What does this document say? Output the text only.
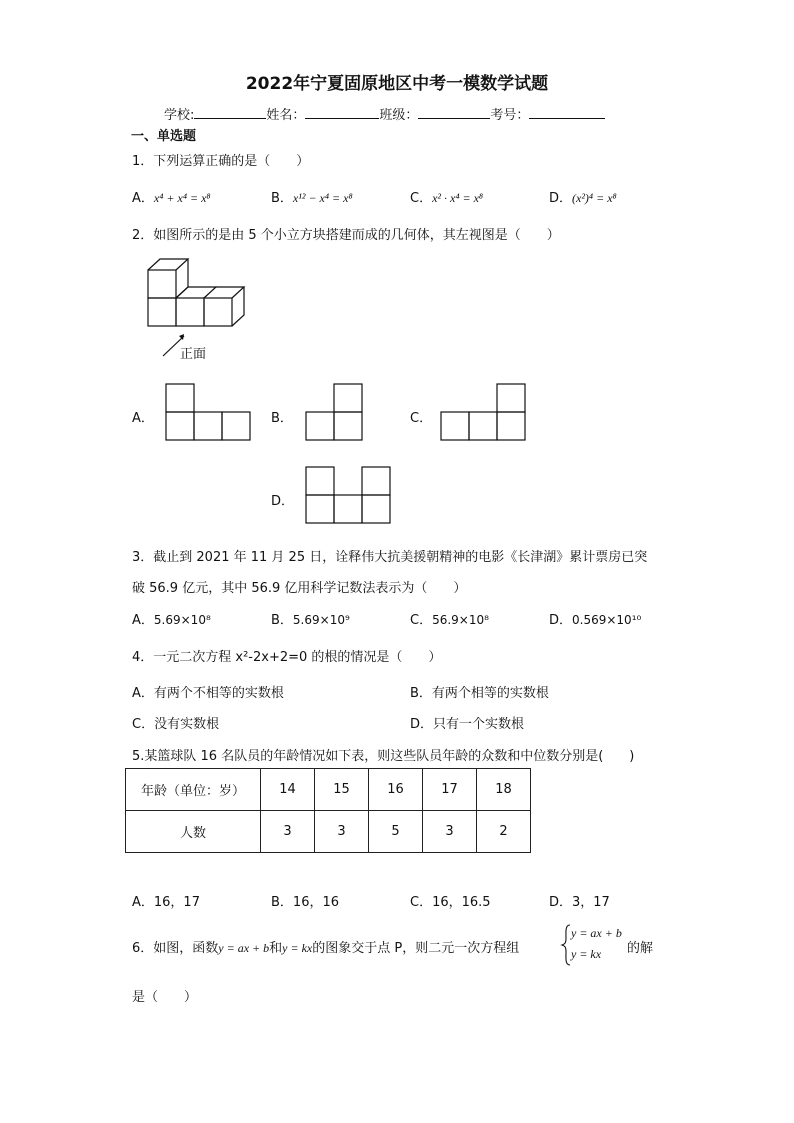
2022年宁夏固原地区中考一模数学试题
学校:	姓名：	班级：	考号：
一、单选题
1．下列运算正确的是（　　）
A．x⁴ + x⁴ = x⁸	B．x¹² − x⁴ = x⁸	C．x² · x⁴ = x⁸	D．(x²)⁴ = x⁸
2．如图所示的是由 5 个小立方块搭建而成的几何体，其左视图是（　　）
正面
A．	B．	C．
D．
3．截止到 2021 年 11 月 25 日，诠释伟大抗美援朝精神的电影《长津湖》累计票房已突
破 56.9 亿元，其中 56.9 亿用科学记数法表示为（　　）
A．5.69×10⁸	B．5.69×10⁹	C．56.9×10⁸	D．0.569×10¹⁰
4．一元二次方程 x²-2x+2=0 的根的情况是（　　）
A．有两个不相等的实数根	B．有两个相等的实数根
C．没有实数根	D．只有一个实数根
5.某篮球队 16 名队员的年龄情况如下表，则这些队员年龄的众数和中位数分别是(　　)
年龄（单位：岁）	14	15	16	17	18
人数	3	3	5	3	2
A．16，17	B．16，16	C．16，16.5	D．3，17
6．如图，函数y = ax + b和y = kx的图象交于点 P，则二元一次方程组
y = ax + b
y = kx 的解
是（　　）
